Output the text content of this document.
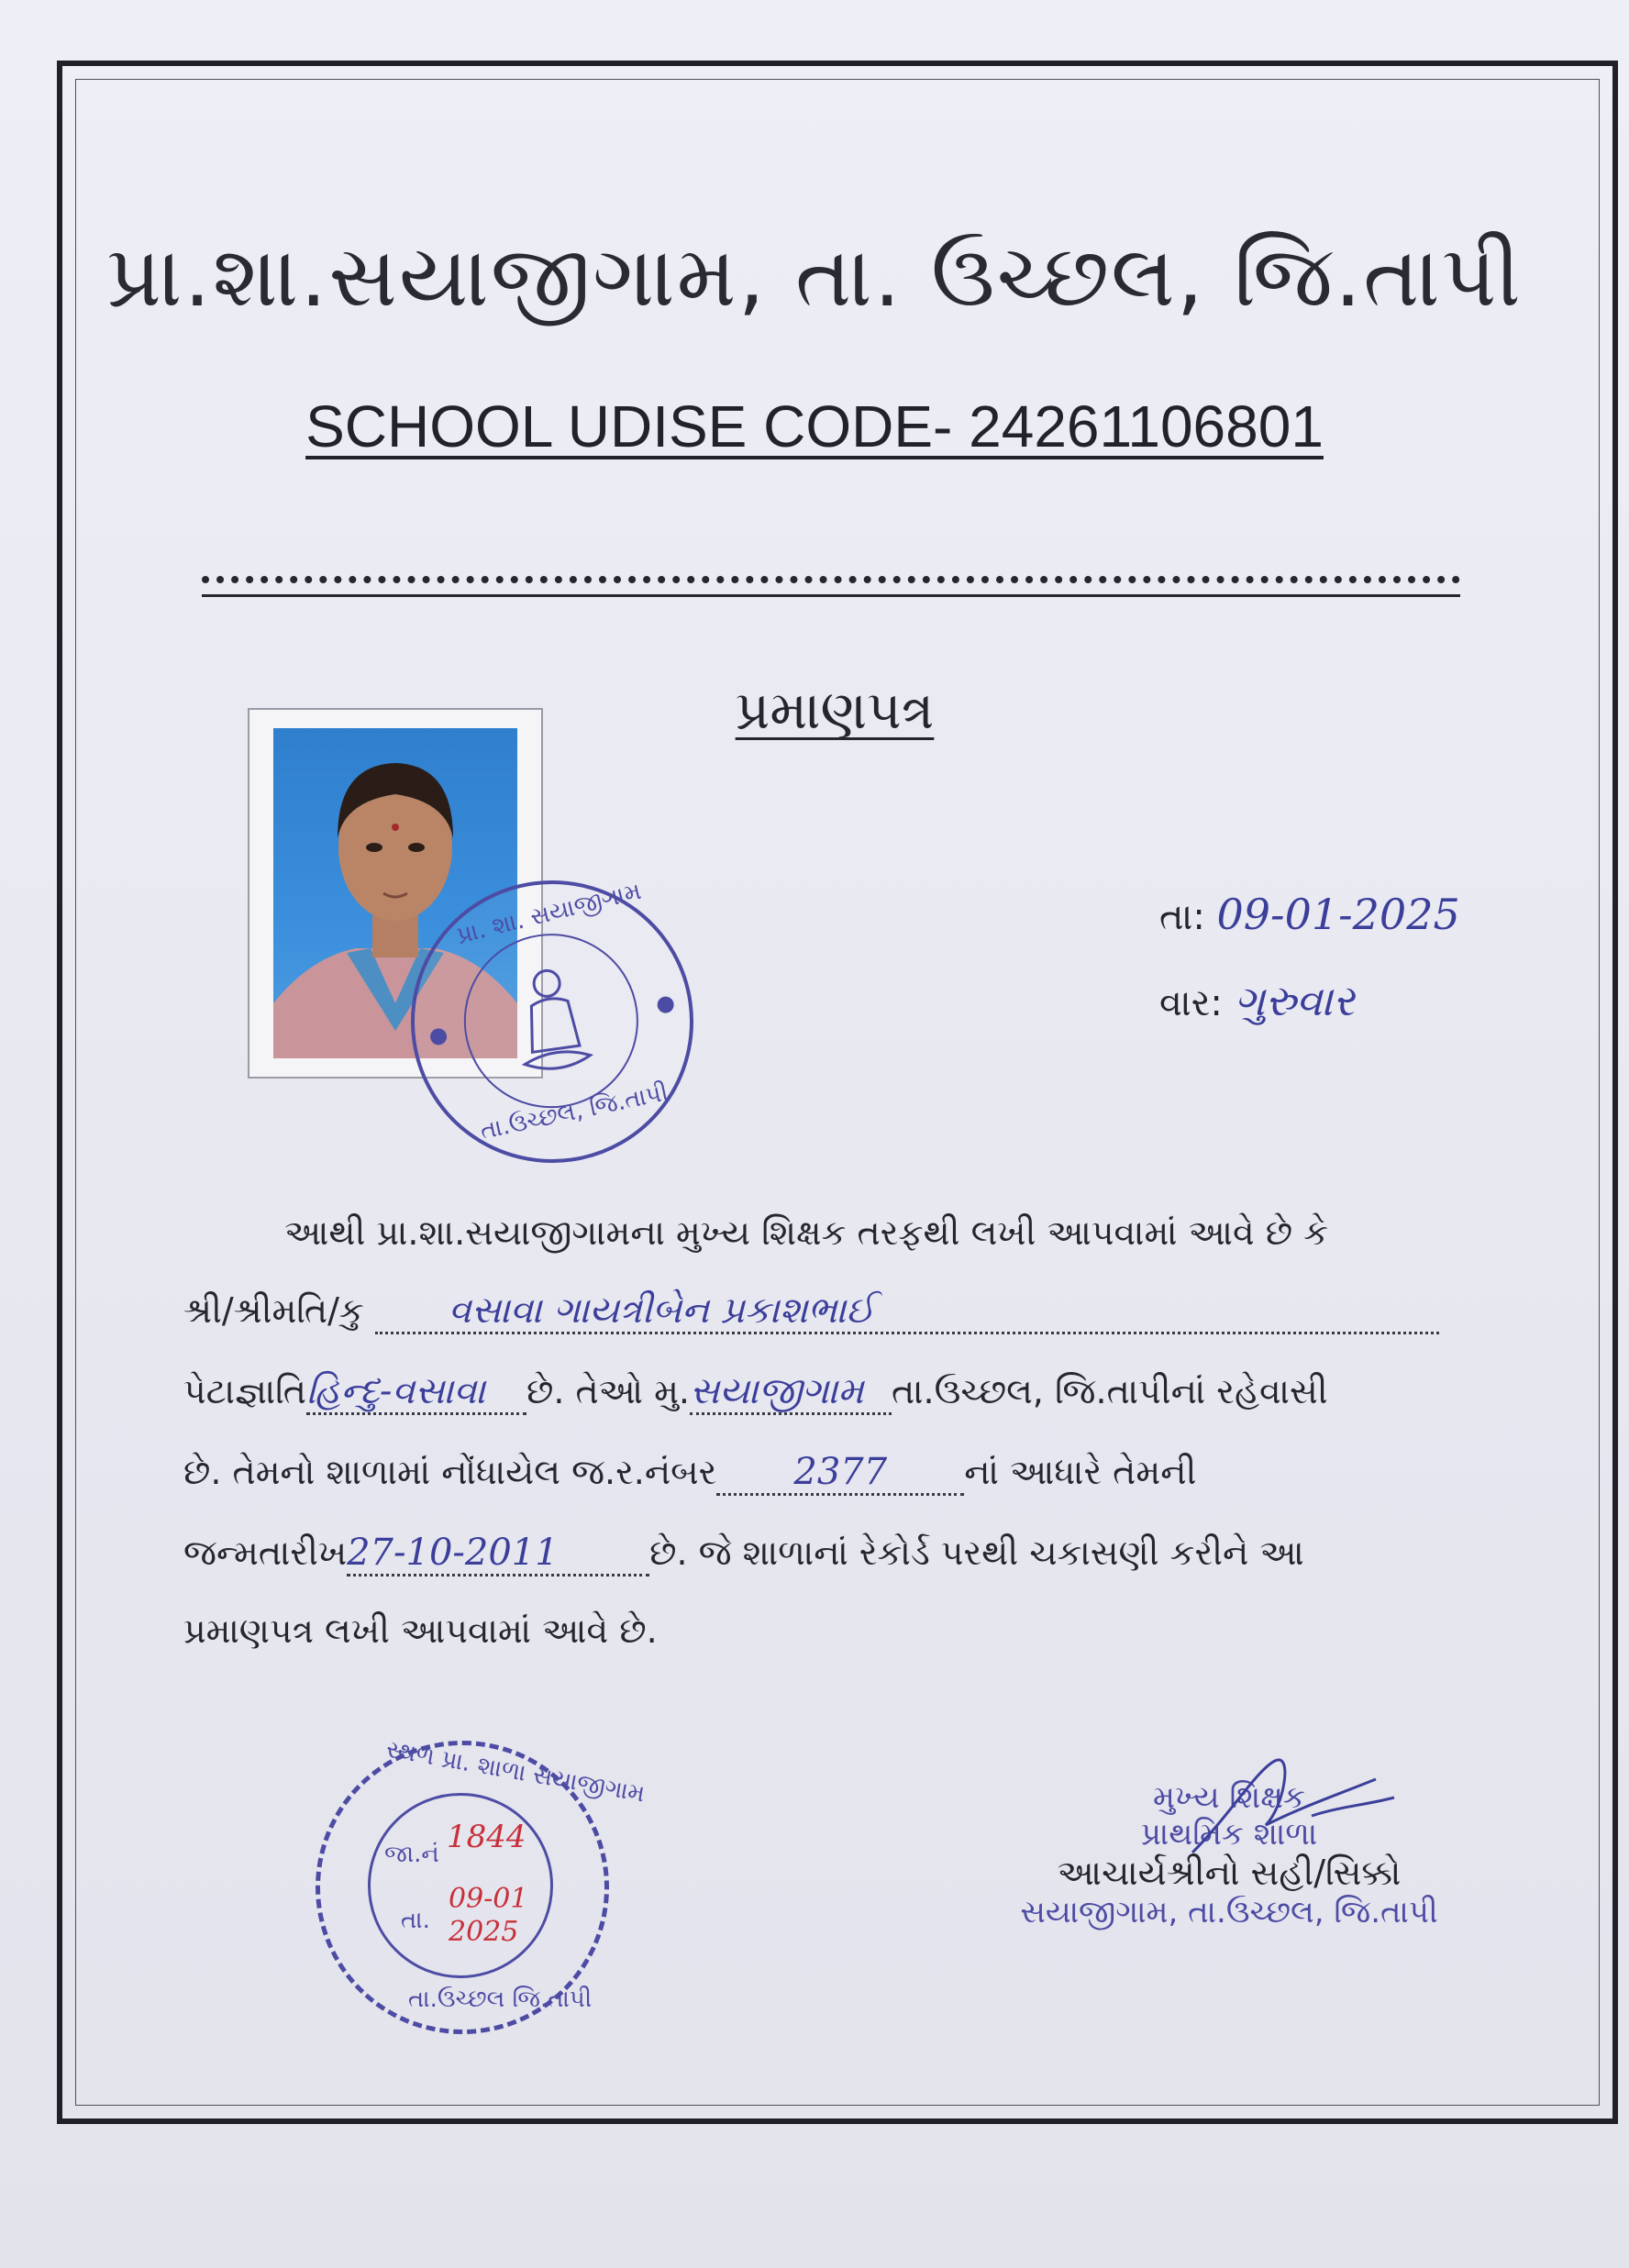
પ્રા.શા.સયાજીગામ, તા. ઉચ્છલ, જિ.તાપી
SCHOOL UDISE CODE- 24261106801
પ્રમાણપત્ર
પ્રા. શા. સયાજીગામ
તા.ઉચ્છલ, જિ.તાપી
તા: 09-01-2025
વાર: ગુરુવાર
આથી પ્રા.શા.સયાજીગામના મુખ્ય શિક્ષક તરફથી લખી આપવામાં આવે છે કે
શ્રી/શ્રીમતિ/કુ વસાવા ગાયત્રીબેન પ્રકાશભાઈ
પેટાજ્ઞાતિહિન્દુ-વસાવા છે. તેઓ મુ.સયાજીગામ તા.ઉચ્છલ, જિ.તાપીનાં રહેવાસી
છે. તેમનો શાળામાં નોંધાયેલ જ.ર.નંબર 2377 નાં આધારે તેમની
જન્મતારીખ27-10-2011	છે. જે શાળાનાં રેકોર્ડ પરથી ચકાસણી કરીને આ
પ્રમાણપત્ર લખી આપવામાં આવે છે.
સ્થળ પ્રા. શાળા સયાજીગામ
તા.ઉચ્છલ જિ.તાપી
જા.નં 1844
તા.
09-01 2025
મુખ્ય શિક્ષક
પ્રાથમિક શાળા
આચાર્યશ્રીનો સહી/સિક્કો
સયાજીગામ, તા.ઉચ્છલ, જિ.તાપી
